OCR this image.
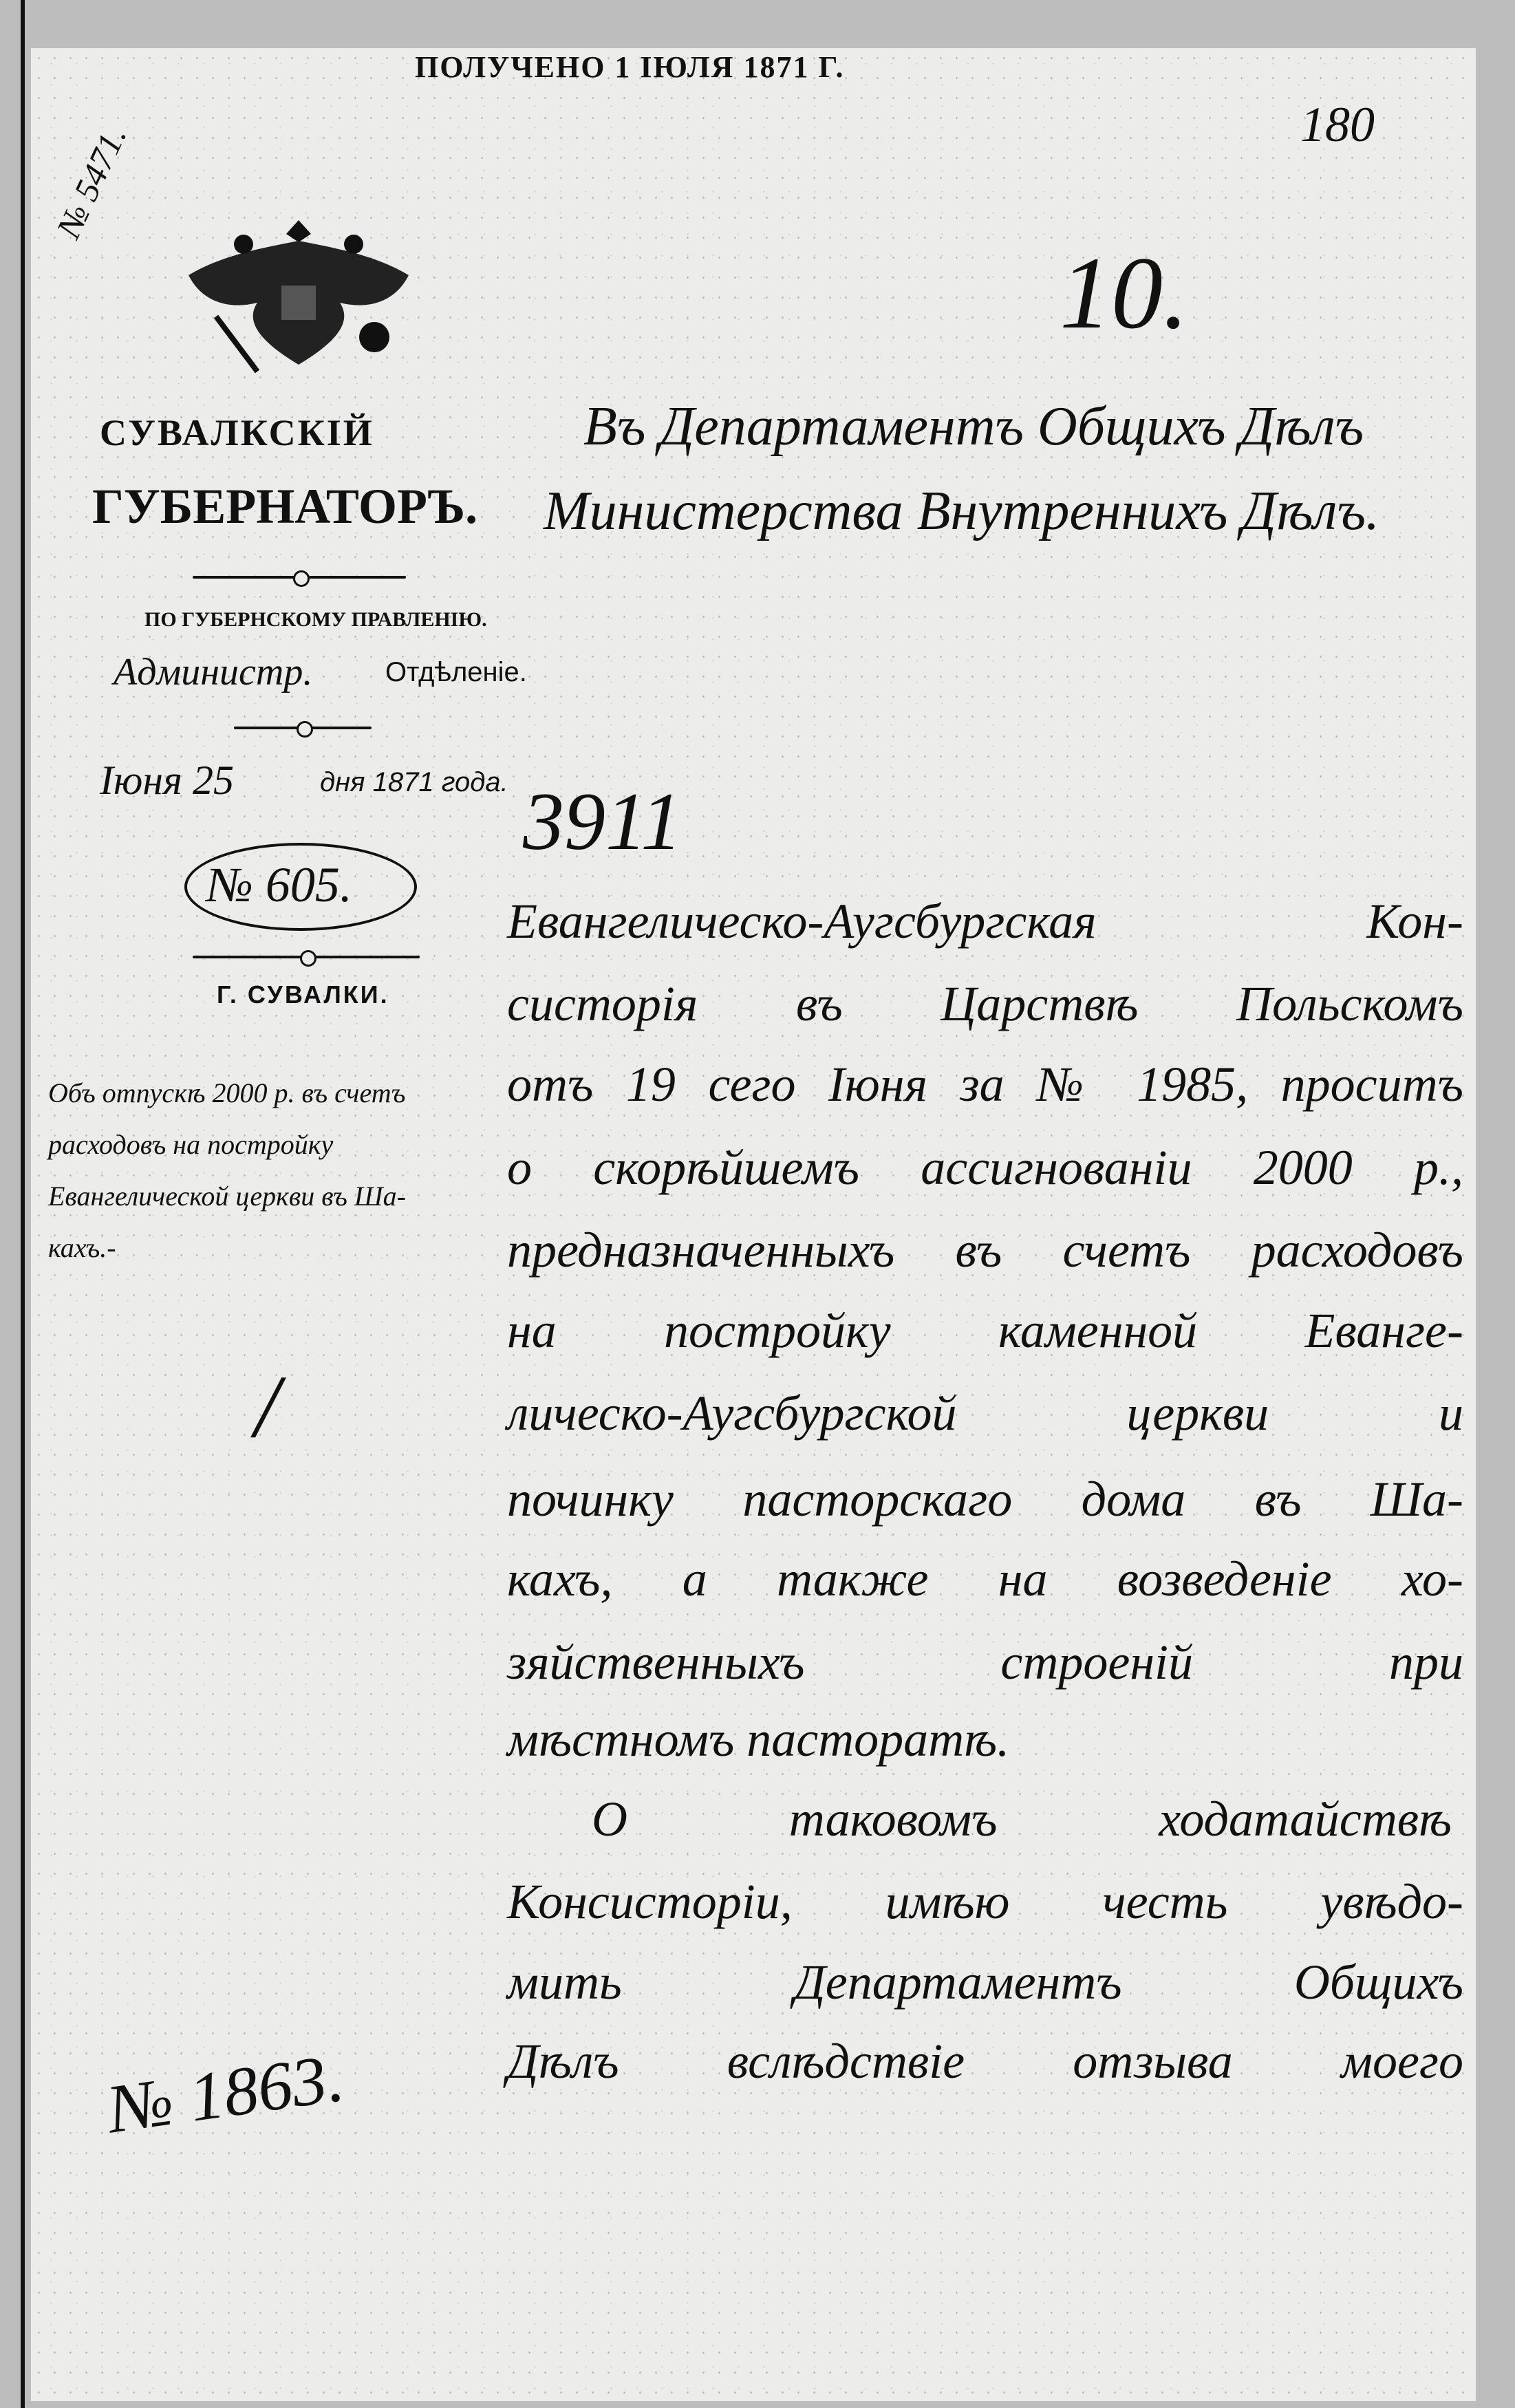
ПОЛУЧЕНО 1 ІЮЛЯ 1871 Г.
№ 5471.	180
10.
СУВАЛКСКІЙ
ГУБЕРНАТОРЪ.
Въ Департаментъ Общихъ Дѣлъ
Министерства Внутреннихъ Дѣлъ.
ПО ГУБЕРНСКОМУ ПРАВЛЕНІЮ.
Администр.	Отдѣленіе.
Іюня 25	дня 1871 года.
№ 605.
Г. СУВАЛКИ.
Объ отпускѣ 2000 р. въ счетъ
расходовъ на постройку
Евангелической церкви въ Ша-
кахъ.-
/
3911
Евангелическо-Аугсбургская Кон-
систорія въ Царствѣ Польскомъ
отъ 19 сего Іюня за № 1985, проситъ
о скорѣйшемъ ассигнованіи 2000 р.,
предназначенныхъ въ счетъ расходовъ
на постройку каменной Еванге-
лическо-Аугсбургской церкви и
починку пасторскаго дома въ Ша-
кахъ, а также на возведеніе хо-
зяйственныхъ строеній при
мѣстномъ пасторатѣ.
О таковомъ ходатайствѣ
Консисторіи, имѣю честь увѣдо-
мить Департаментъ Общихъ
Дѣлъ вслѣдствіе отзыва моего
№ 1863.
